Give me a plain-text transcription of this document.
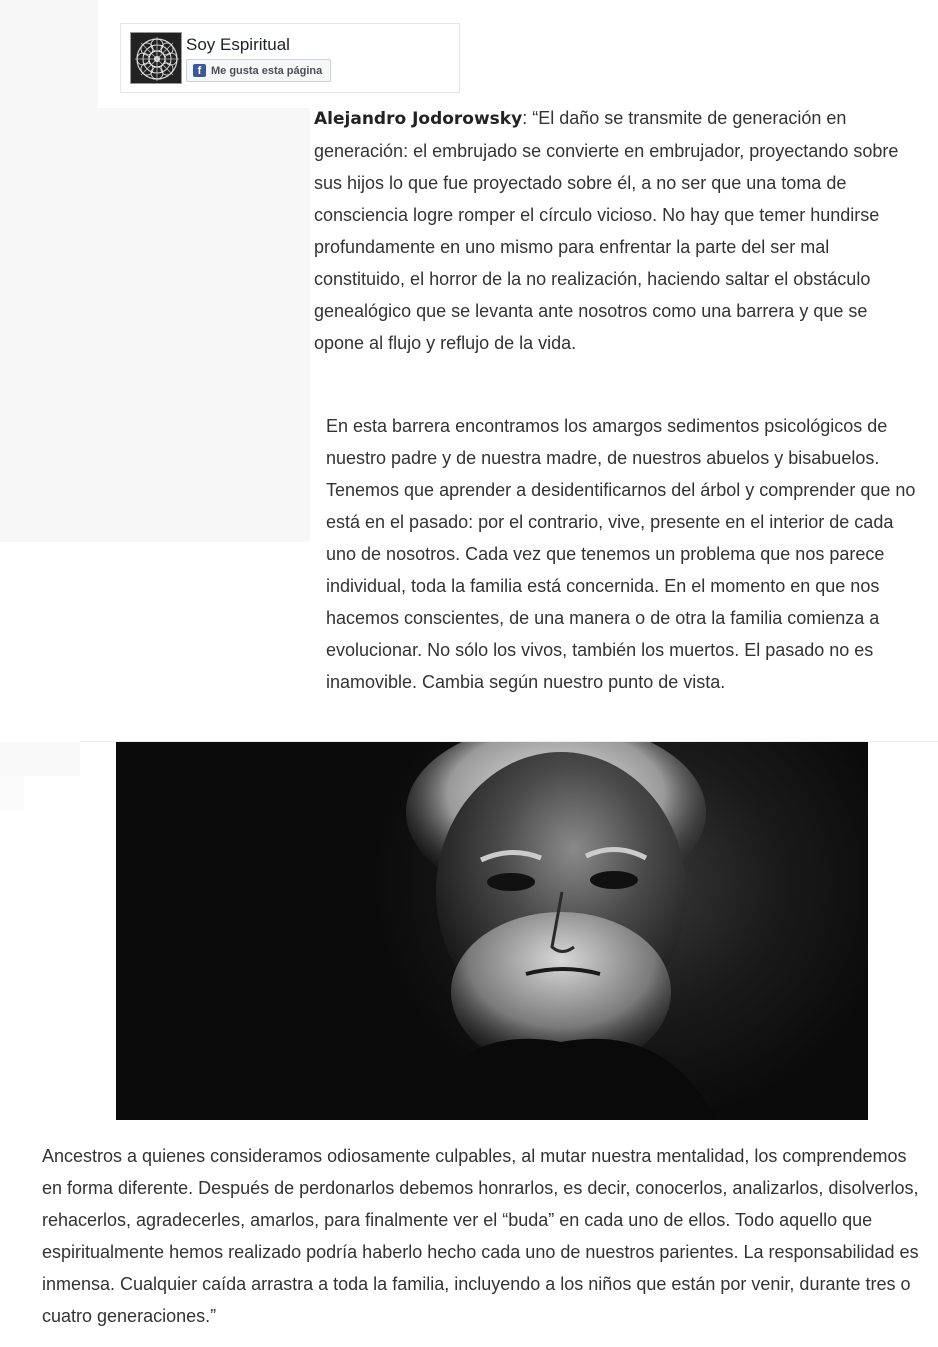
Soy Espiritual
f Me gusta esta página

Alejandro Jodorowsky: “El daño se transmite de generación en generación: el embrujado se convierte en embrujador, proyectando sobre sus hijos lo que fue proyectado sobre él, a no ser que una toma de consciencia logre romper el círculo vicioso. No hay que temer hundirse profundamente en uno mismo para enfrentar la parte del ser mal constituido, el horror de la no realización, haciendo saltar el obstáculo genealógico que se levanta ante nosotros como una barrera y que se opone al flujo y reflujo de la vida.

En esta barrera encontramos los amargos sedimentos psicológicos de nuestro padre y de nuestra madre, de nuestros abuelos y bisabuelos. Tenemos que aprender a desidentificarnos del árbol y comprender que no está en el pasado: por el contrario, vive, presente en el interior de cada uno de nosotros. Cada vez que tenemos un problema que nos parece individual, toda la familia está concernida. En el momento en que nos hacemos conscientes, de una manera o de otra la familia comienza a evolucionar. No sólo los vivos, también los muertos. El pasado no es inamovible. Cambia según nuestro punto de vista.

Ancestros a quienes consideramos odiosamente culpables, al mutar nuestra mentalidad, los comprendemos en forma diferente. Después de perdonarlos debemos honrarlos, es decir, conocerlos, analizarlos, disolverlos, rehacerlos, agradecerles, amarlos, para finalmente ver el “buda” en cada uno de ellos. Todo aquello que espiritualmente hemos realizado podría haberlo hecho cada uno de nuestros parientes. La responsabilidad es inmensa. Cualquier caída arrastra a toda la familia, incluyendo a los niños que están por venir, durante tres o cuatro generaciones.”
